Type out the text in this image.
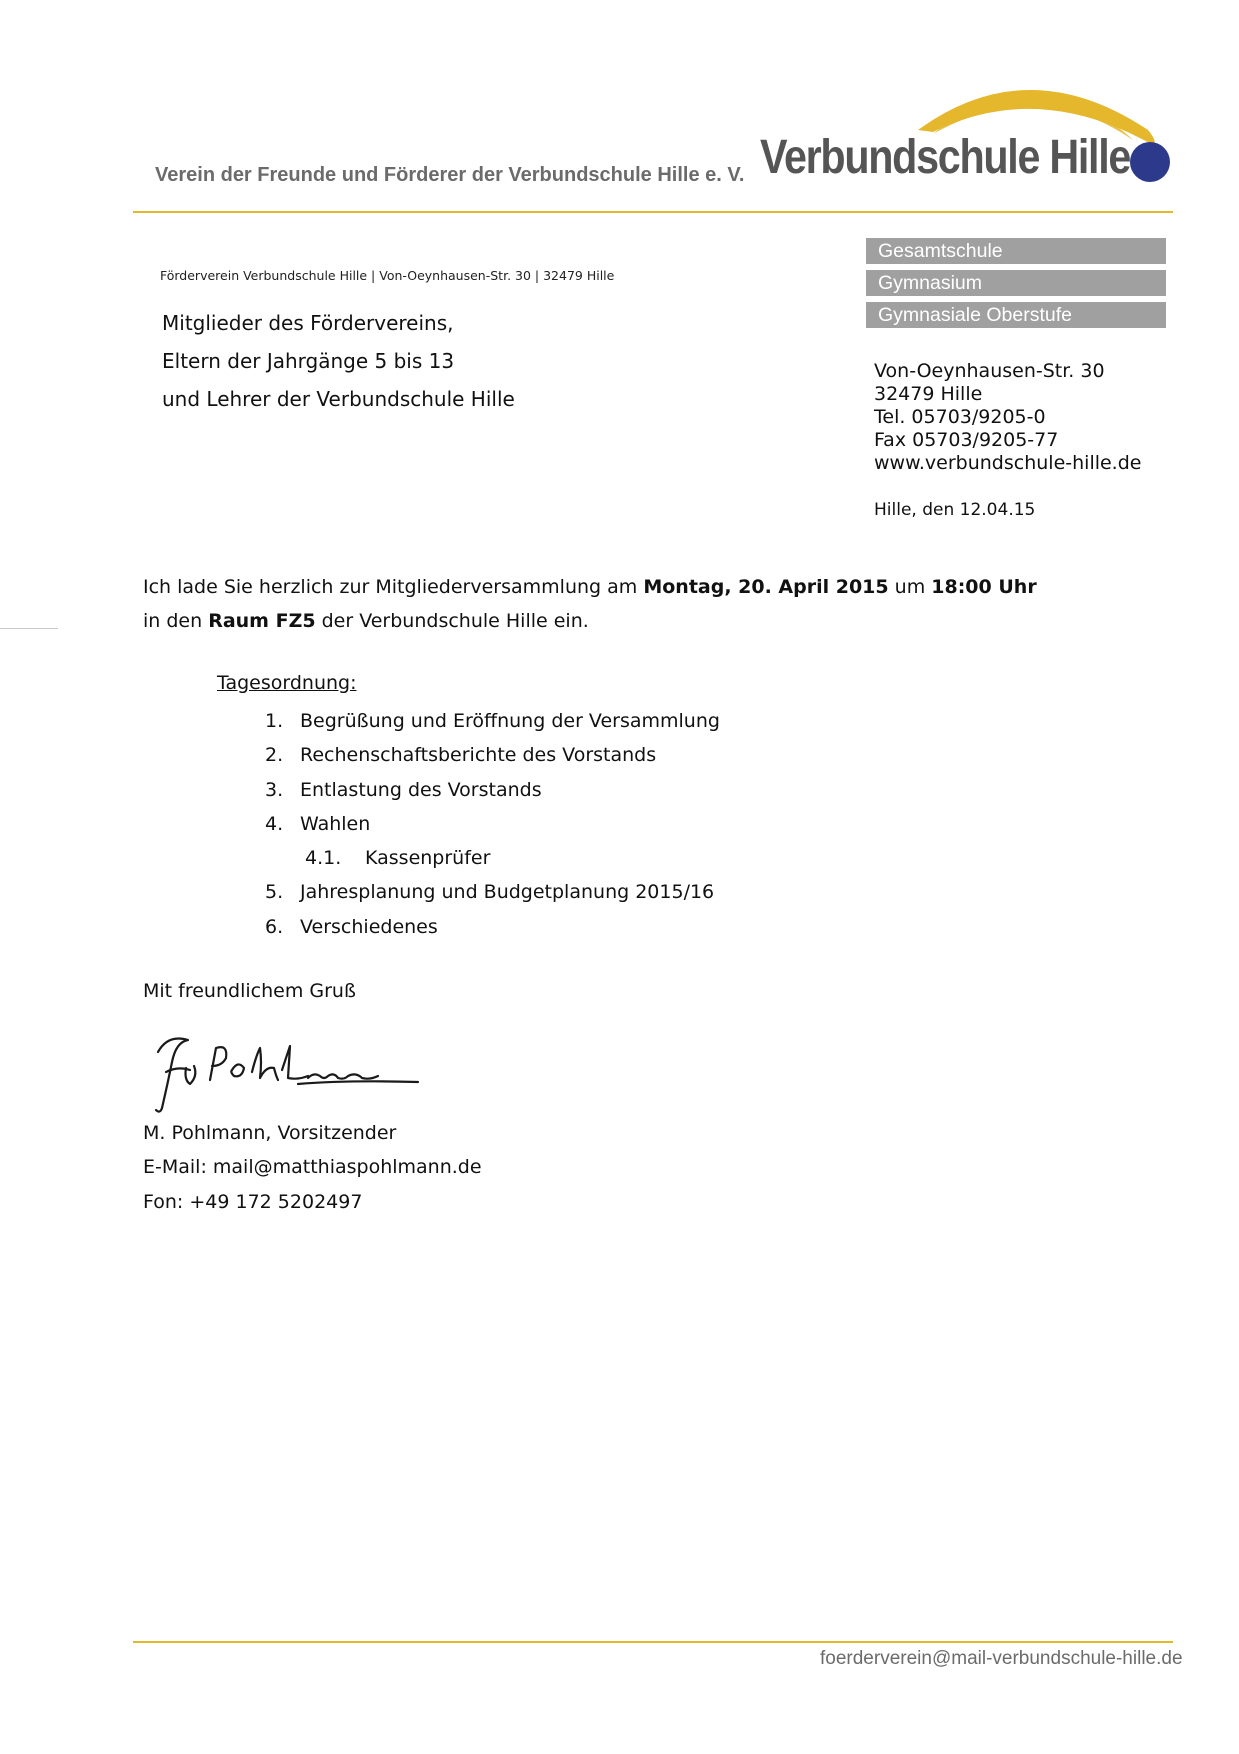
Verein der Freunde und Förderer der Verbundschule Hille e. V. Verbundschule Hille
Förderverein Verbundschule Hille | Von-Oeynhausen-Str. 30 | 32479 Hille
Mitglieder des Fördervereins,
Eltern der Jahrgänge 5 bis 13
und Lehrer der Verbundschule Hille
Gesamtschule
Gymnasium
Gymnasiale Oberstufe
Von-Oeynhausen-Str. 30
32479 Hille
Tel. 05703/9205-0
Fax 05703/9205-77
www.verbundschule-hille.de
Hille, den 12.04.15
Ich lade Sie herzlich zur Mitgliederversammlung am Montag, 20. April 2015 um 18:00 Uhr
in den Raum FZ5 der Verbundschule Hille ein.
Tagesordnung:
1. Begrüßung und Eröffnung der Versammlung
2. Rechenschaftsberichte des Vorstands
3. Entlastung des Vorstands
4. Wahlen
4.1. Kassenprüfer
5. Jahresplanung und Budgetplanung 2015/16
6. Verschiedenes
Mit freundlichem Gruß
M. Pohlmann, Vorsitzender
E-Mail: mail@matthiaspohlmann.de
Fon: +49 172 5202497
foerderverein@mail-verbundschule-hille.de
